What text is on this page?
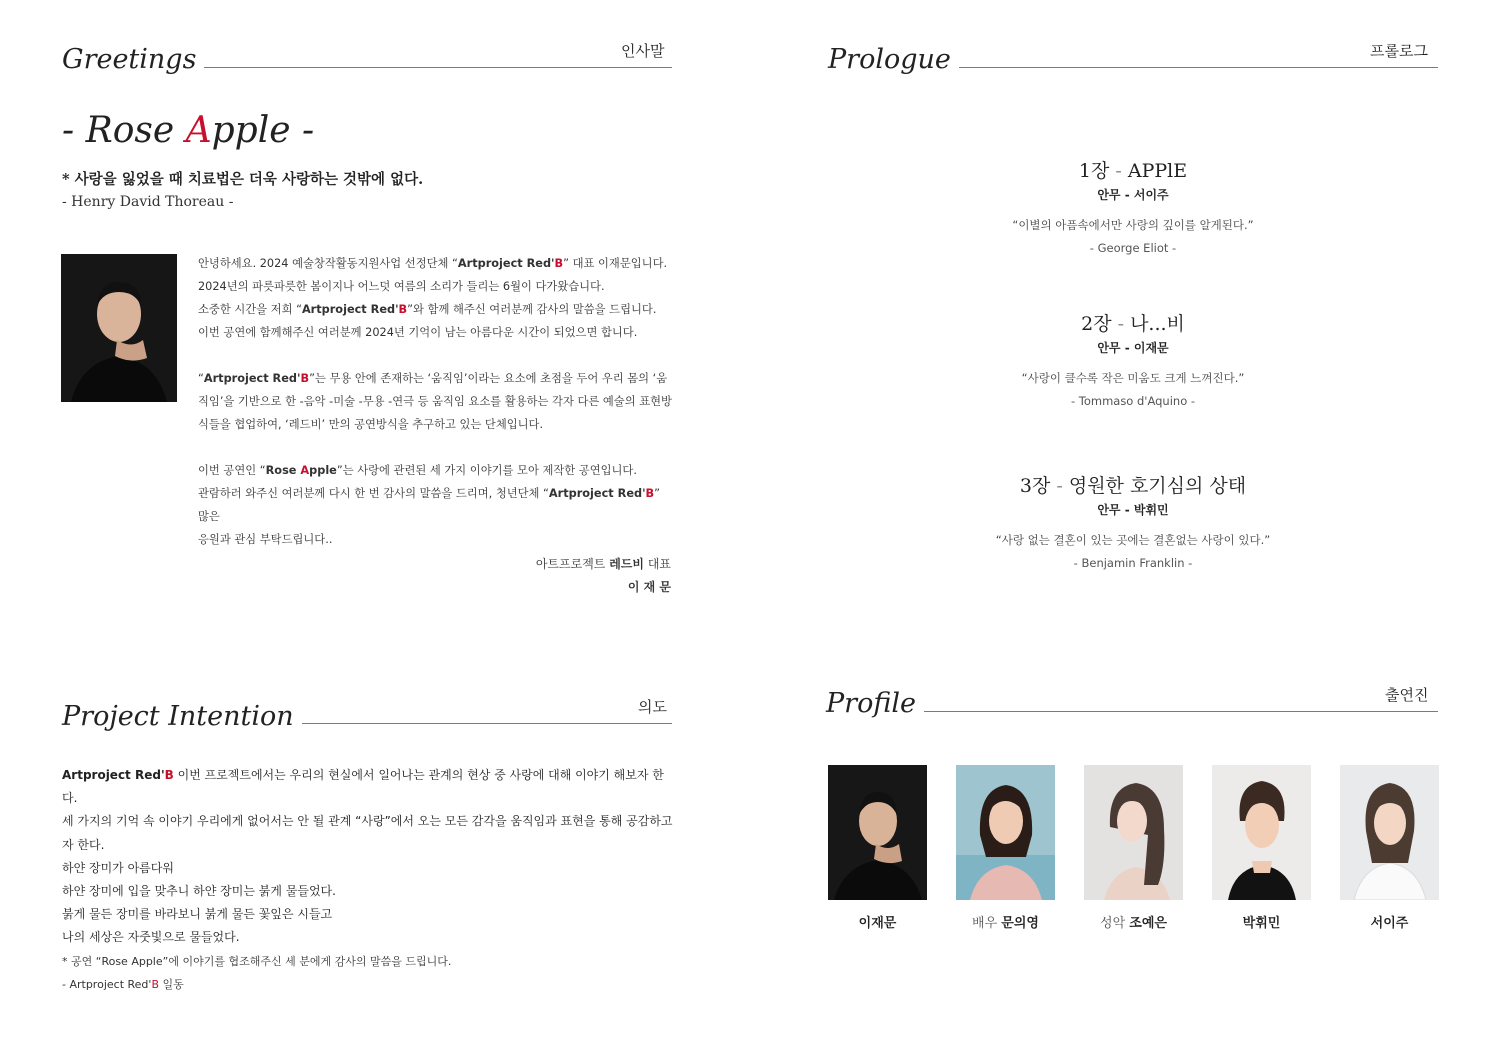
Greetings	인사말
- Rose Apple -
* 사랑을 잃었을 때 치료법은 더욱 사랑하는 것밖에 없다.
- Henry David Thoreau -

안녕하세요. 2024 예술창작활동지원사업 선정단체 “Artproject Red'B” 대표 이재문입니다.
2024년의 파릇파릇한 봄이지나 어느덧 여름의 소리가 들리는 6월이 다가왔습니다.
소중한 시간을 저희 “Artproject Red'B”와 함께 해주신 여러분께 감사의 말씀을 드립니다.
이번 공연에 함께해주신 여러분께 2024년 기억이 남는 아름다운 시간이 되었으면 합니다.

“Artproject Red'B”는 무용 안에 존재하는 ‘움직임’이라는 요소에 초점을 두어 우리 몸의 ‘움직임’을 기반으로 한 -음악 -미술 -무용 -연극 등 움직임 요소를 활용하는 각자 다른 예술의 표현방식들을 협업하여, ‘레드비’ 만의 공연방식을 추구하고 있는 단체입니다.

이번 공연인 “Rose Apple”는 사랑에 관련된 세 가지 이야기를 모아 제작한 공연입니다.
관람하러 와주신 여러분께 다시 한 번 감사의 말씀을 드리며, 청년단체 “Artproject Red'B” 많은
응원과 관심 부탁드립니다..

아트프로젝트 레드비 대표
이 재 문
Prologue	프롤로그
1장 - APPlE
안무 - 서이주
“이별의 아픔속에서만 사랑의 깊이를 알게된다.”
- George Eliot -
2장 - 나...비
안무 - 이재문
“사랑이 클수록 작은 미움도 크게 느껴진다.”
- Tommaso d'Aquino -
3장 - 영원한 호기심의 상태
안무 - 박휘민
“사랑 없는 결혼이 있는 곳에는 결혼없는 사랑이 있다.”
- Benjamin Franklin -
Project Intention	의도
Artproject Red'B 이번 프로젝트에서는 우리의 현실에서 일어나는 관계의 현상 중 사랑에 대해 이야기 해보자 한다.
세 가지의 기억 속 이야기 우리에게 없어서는 안 될 관계 “사랑”에서 오는 모든 감각을 움직임과 표현을 통해 공감하고자 한다.
하얀 장미가 아름다워
하얀 장미에 입을 맞추니 하얀 장미는 붉게 물들었다.
붉게 물든 장미를 바라보니 붉게 물든 꽃잎은 시들고
나의 세상은 자줏빛으로 물들었다.
* 공연 “Rose Apple”에 이야기를 협조해주신 세 분에게 감사의 말씀을 드립니다.
- Artproject Red'B 일동
Profile	출연진
이재문	배우 문의영	성악 조예은	박휘민	서이주
